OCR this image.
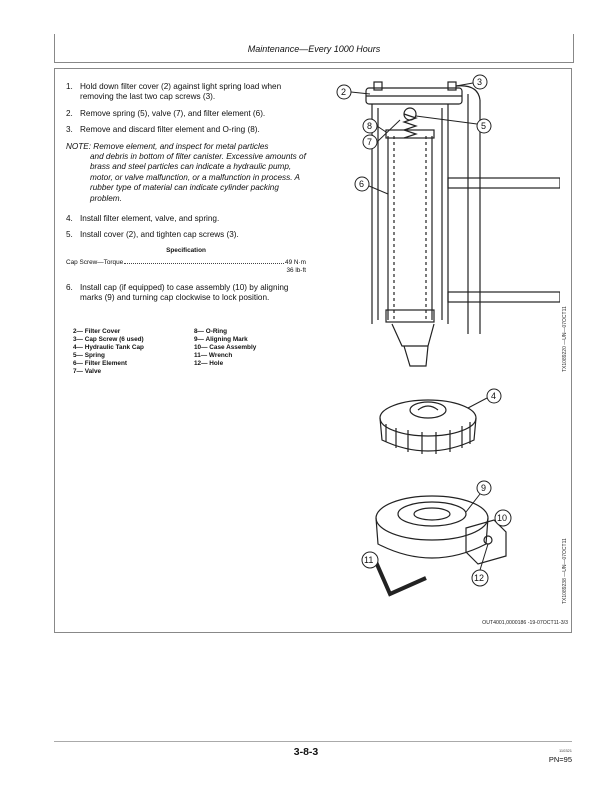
Maintenance—Every 1000 Hours
1. Hold down filter cover (2) against light spring load when removing the last two cap screws (3).
2. Remove spring (5), valve (7), and filter element (6).
3. Remove and discard filter element and O-ring (8).
NOTE: Remove element, and inspect for metal particles
and debris in bottom of filter canister. Excessive amounts of brass and steel particles can indicate a hydraulic pump, motor, or valve malfunction, or a malfunction in process. A rubber type of material can indicate cylinder packing problem.
4. Install filter element, valve, and spring.
5. Install cover (2), and tighten cap screws (3).
Specification
Cap Screw—Torque	49 N·m
36 lb-ft
6. Install cap (if equipped) to case assembly (10) by aligning marks (9) and turning cap clockwise to lock position.
2— Filter Cover
3— Cap Screw (6 used)
4— Hydraulic Tank Cap
5— Spring
6— Filter Element
7— Valve
8— O-Ring
9— Aligning Mark
10— Case Assembly
11— Wrench
12— Hole
2
3
8
7
5
6
TX1089220 —UN—07OCT11
4
9
10
11
12	TX1089238 —UN—07OCT11
OUT4001,0000186 -19-07OCT11-3/3
3-8-3	110321
PN=95
